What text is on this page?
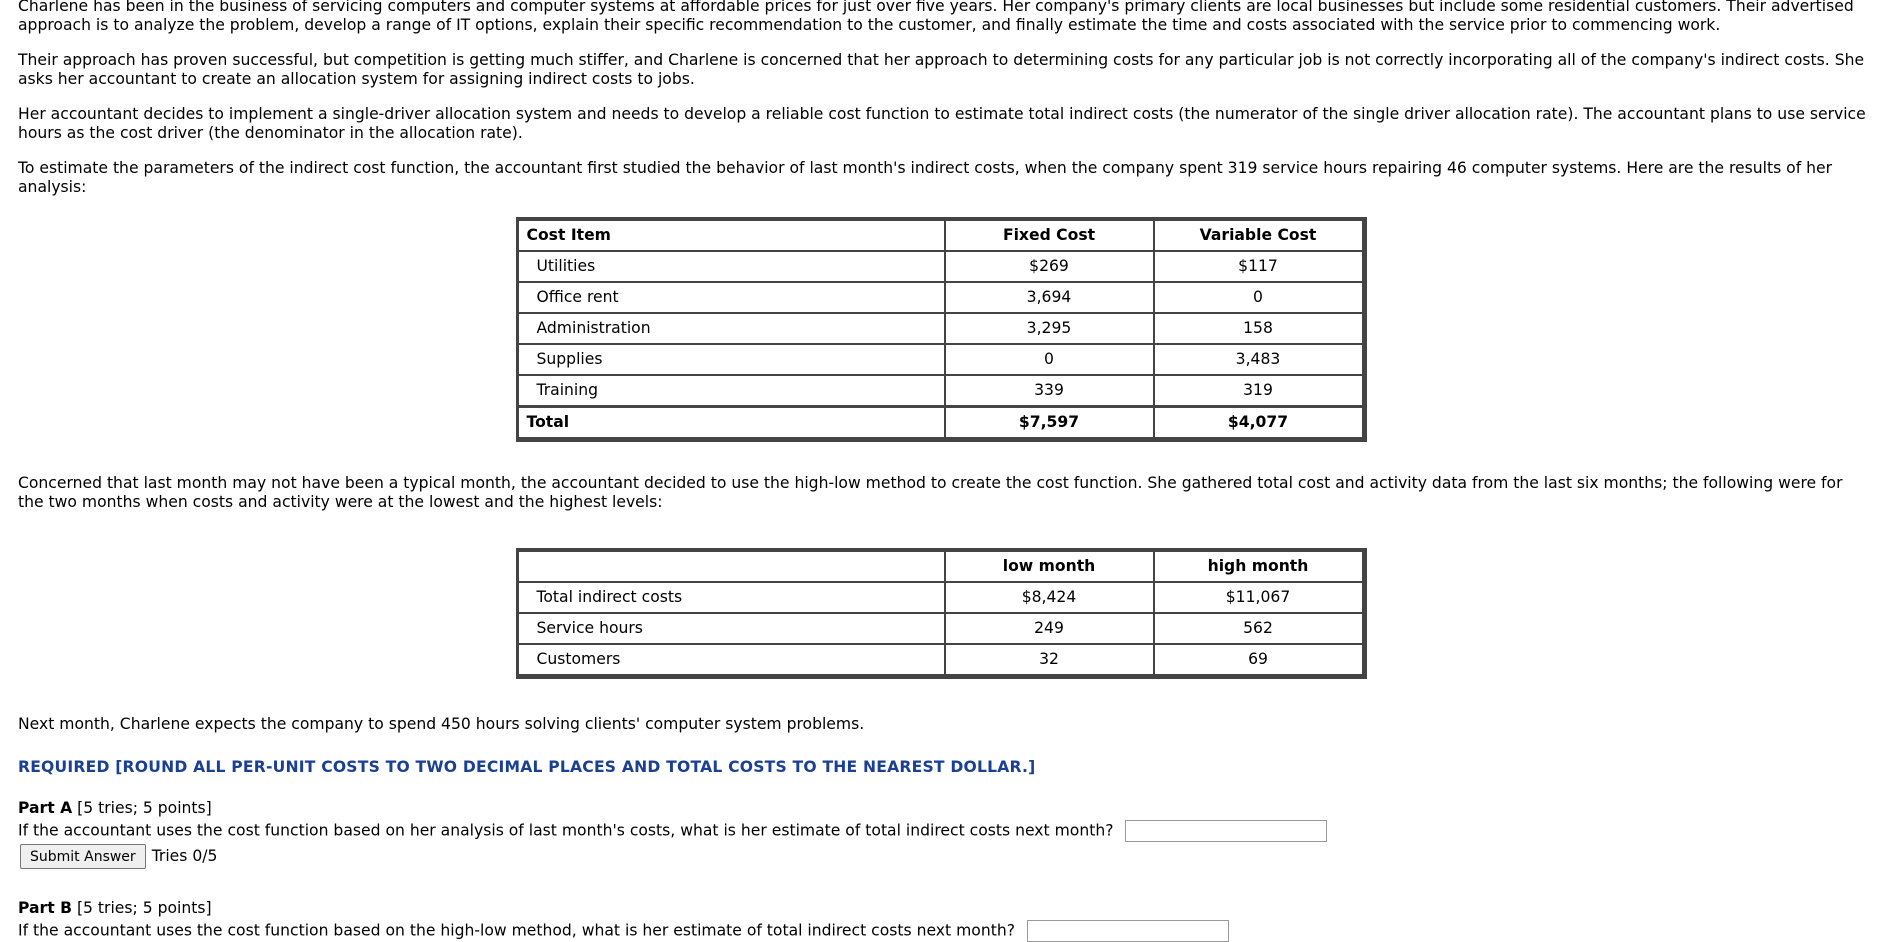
Charlene has been in the business of servicing computers and computer systems at affordable prices for just over five years. Her company's primary clients are local businesses but include some residential customers. Their advertised approach is to analyze the problem, develop a range of IT options, explain their specific recommendation to the customer, and finally estimate the time and costs associated with the service prior to commencing work.

Their approach has proven successful, but competition is getting much stiffer, and Charlene is concerned that her approach to determining costs for any particular job is not correctly incorporating all of the company's indirect costs. She asks her accountant to create an allocation system for assigning indirect costs to jobs.

Her accountant decides to implement a single-driver allocation system and needs to develop a reliable cost function to estimate total indirect costs (the numerator of the single driver allocation rate). The accountant plans to use service hours as the cost driver (the denominator in the allocation rate).

To estimate the parameters of the indirect cost function, the accountant first studied the behavior of last month's indirect costs, when the company spent 319 service hours repairing 46 computer systems. Here are the results of her analysis:

Cost Item	Fixed Cost	Variable Cost
Utilities	$269	$117
Office rent	3,694	0
Administration	3,295	158
Supplies	0	3,483
Training	339	319
Total	$7,597	$4,077

Concerned that last month may not have been a typical month, the accountant decided to use the high-low method to create the cost function. She gathered total cost and activity data from the last six months; the following were for the two months when costs and activity were at the lowest and the highest levels:

	low month	high month
Total indirect costs	$8,424	$11,067
Service hours	249	562
Customers	32	69

Next month, Charlene expects the company to spend 450 hours solving clients' computer system problems.

REQUIRED [ROUND ALL PER-UNIT COSTS TO TWO DECIMAL PLACES AND TOTAL COSTS TO THE NEAREST DOLLAR.]

Part A [5 tries; 5 points]

If the accountant uses the cost function based on her analysis of last month's costs, what is her estimate of total indirect costs next month?

Submit Answer Tries 0/5

Part B [5 tries; 5 points]

If the accountant uses the cost function based on the high-low method, what is her estimate of total indirect costs next month?
